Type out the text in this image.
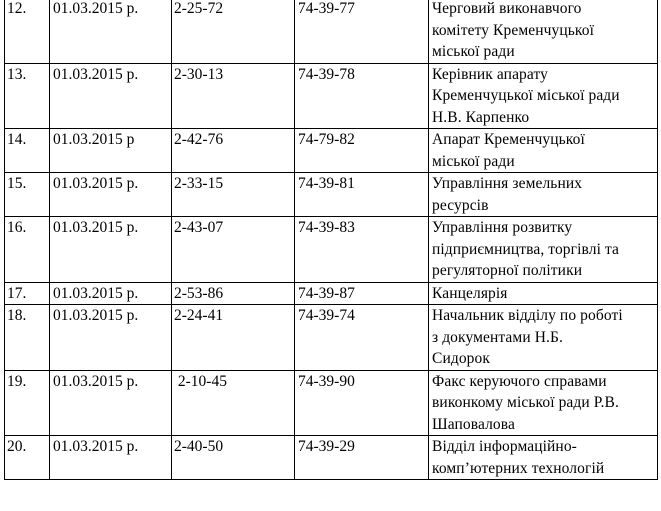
12.	01.03.2015 р.	2-25-72	74-39-77	Черговий виконавчого
комітету Кременчуцької
міської ради

13.	01.03.2015 р.	2-30-13	74-39-78	Керівник апарату
Кременчуцької міської ради
Н.В. Карпенко

14.	01.03.2015 р	2-42-76	74-79-82	Апарат Кременчуцької
міської ради

15.	01.03.2015 р.	2-33-15	74-39-81	Управління земельних
ресурсів

16.	01.03.2015 р.	2-43-07	74-39-83	Управління розвитку
підприємництва, торгівлі та
регуляторної політики

17.	01.03.2015 р.	2-53-86	74-39-87	Канцелярія

18.	01.03.2015 р.	2-24-41	74-39-74	Начальник відділу по роботі
з документами Н.Б.
Сидорок

19.	01.03.2015 р.	2-10-45	74-39-90	Факс керуючого справами
виконкому міської ради Р.В.
Шаповалова

20.	01.03.2015 р.	2-40-50	74-39-29	Відділ інформаційно-
комп’ютерних технологій
